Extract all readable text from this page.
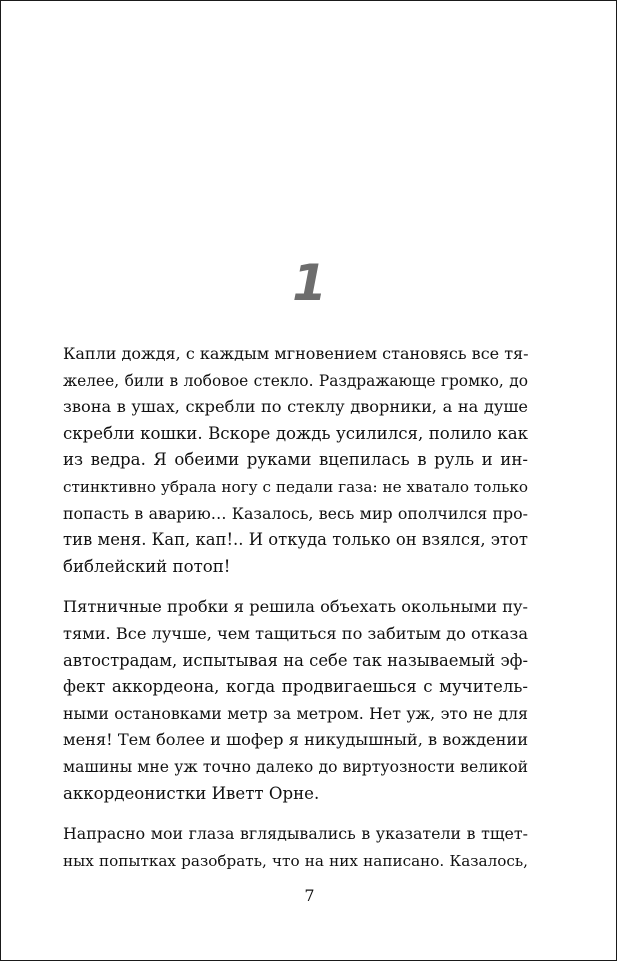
1
Капли дождя, с каждым мгновением становясь все тя-
желее, били в лобовое стекло. Раздражающе громко, до
звона в ушах, скребли по стеклу дворники, а на душе
скребли кошки. Вскоре дождь усилился, полило как
из ведра. Я обеими руками вцепилась в руль и ин-
стинктивно убрала ногу с педали газа: не хватало только
попасть в аварию… Казалось, весь мир ополчился про-
тив меня. Кап, кап!.. И откуда только он взялся, этот
библейский потоп!
Пятничные пробки я решила объехать окольными пу-
тями. Все лучше, чем тащиться по забитым до отказа
автострадам, испытывая на себе так называемый эф-
фект аккордеона, когда продвигаешься с мучитель-
ными остановками метр за метром. Нет уж, это не для
меня! Тем более и шофер я никудышный, в вождении
машины мне уж точно далеко до виртуозности великой
аккордеонистки Иветт Орне.
Напрасно мои глаза вглядывались в указатели в тщет-
ных попытках разобрать, что на них написано. Казалось,
7
